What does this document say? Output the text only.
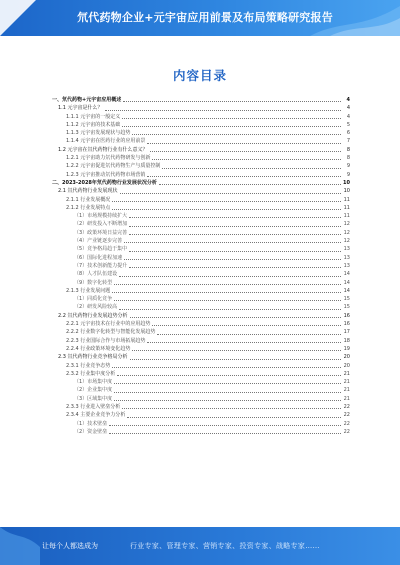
氘代药物企业+元宇宙应用前景及布局策略研究报告
内容目录
一、氘代药物+元宇宙应用概述	4
1.1 元宇宙是什么？	4
1.1.1 元宇宙的一般定义	4
1.1.2 元宇宙的技术基础	5
1.1.3 元宇宙发展现状与趋势	6
1.1.4 元宇宙在医药行业的应用前景	7
1.2 元宇宙在氘代药物行业有什么意义？	8
1.2.1 元宇宙助力氘代药物研发与创新	8
1.2.2 元宇宙促进氘代药物生产与质量控制	9
1.2.3 元宇宙推动氘代药物市场营销	9
二、2023-2028年氘代药物行业发展状况分析	10
2.1 氘代药物行业发展现状	10
2.1.1 行业发展概况	11
2.1.2 行业发展特点	11
（1）市场规模持续扩大	11
（2）研发投入不断增加	12
（3）政策环境日益完善	12
（4）产业链逐步完善	12
（5）竞争格局趋于集中	13
（6）国际化进程加速	13
（7）技术创新能力提升	13
（8）人才队伍建设	14
（9）数字化转型	14
2.1.3 行业发展问题	14
（1）同质化竞争	15
（2）研发风险较高	15
2.2 氘代药物行业发展趋势分析	16
2.2.1 元宇宙技术在行业中的应用趋势	16
2.2.2 行业数字化转型与智能化发展趋势	17
2.2.3 行业国际合作与市场拓展趋势	18
2.2.4 行业政策环境变化趋势	19
2.3 氘代药物行业竞争格局分析	20
2.3.1 行业竞争态势	20
2.3.2 行业集中度分析	21
（1）市场集中度	21
（2）企业集中度	21
（3）区域集中度	21
2.3.3 行业进入壁垒分析	22
2.3.4 主要企业竞争力分析	22
（1）技术壁垒	22
（2）资金壁垒	22
让每个人都选成为	行业专家、管理专家、营销专家、投资专家、战略专家……
